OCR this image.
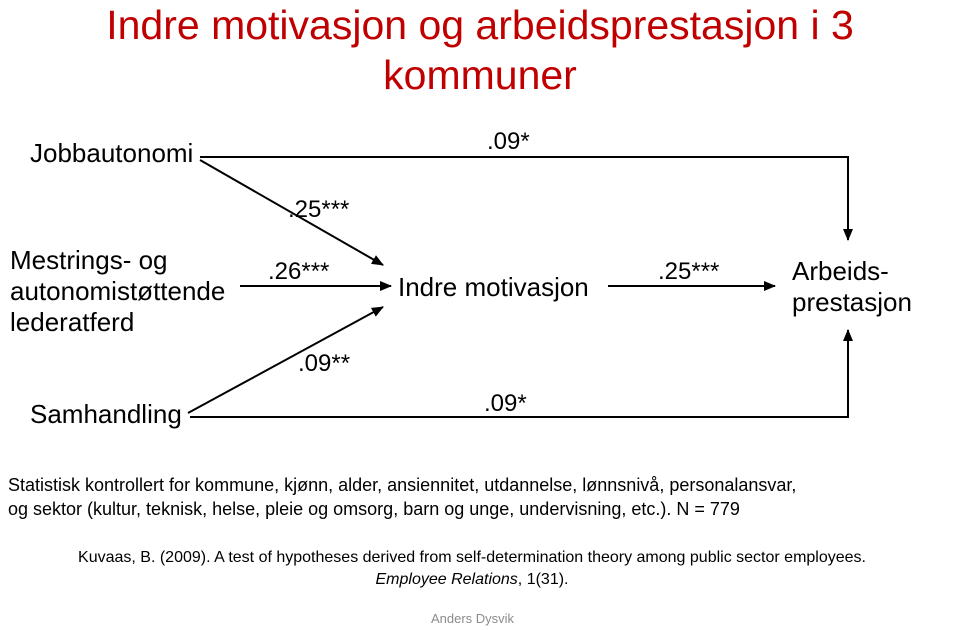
Indre motivasjon og arbeidsprestasjon i 3
kommuner
Jobbautonomi
Mestrings- og
autonomistøttende
lederatferd
Samhandling
Indre motivasjon
Arbeids-
prestasjon
.09*
.25***
.26***
.09**
.25***
.09*
Statistisk kontrollert for kommune, kjønn, alder, ansiennitet, utdannelse, lønnsnivå, personalansvar,
og sektor (kultur, teknisk, helse, pleie og omsorg, barn og unge, undervisning, etc.). N = 779
Kuvaas, B. (2009). A test of hypotheses derived from self-determination theory among public sector employees.
Employee Relations, 1(31).
Anders Dysvik
